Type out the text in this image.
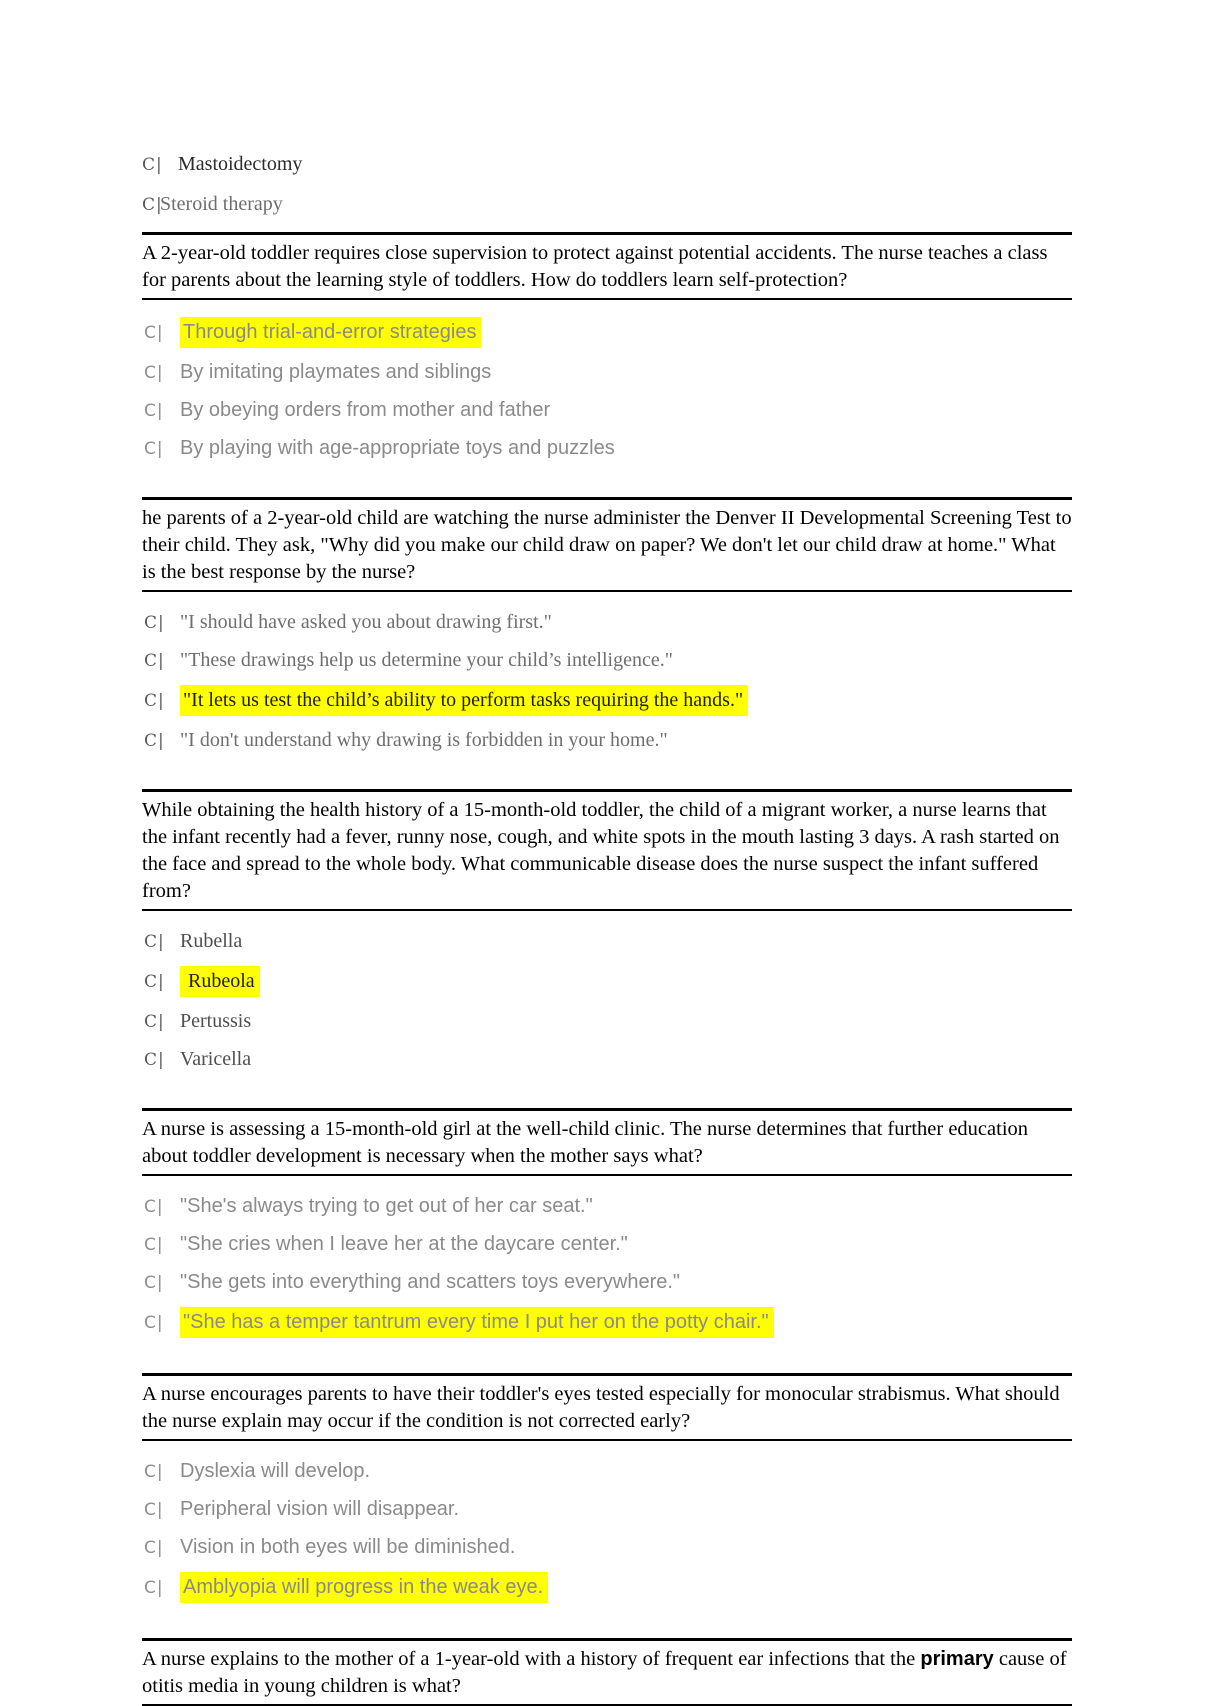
C| Mastoidectomy
C|
Steroid therapy
A 2-year-old toddler requires close supervision to protect against potential accidents. The nurse teaches a class for parents about the learning style of toddlers. How do toddlers learn self-protection?
C| Through trial-and-error strategies
C| By imitating playmates and siblings
C| By obeying orders from mother and father
C| By playing with age-appropriate toys and puzzles
he parents of a 2-year-old child are watching the nurse administer the Denver II Developmental Screening Test to their child. They ask, "Why did you make our child draw on paper? We don't let our child draw at home." What is the best response by the nurse?
C| "I should have asked you about drawing first."
C| "These drawings help us determine your child’s intelligence."
C| "It lets us test the child’s ability to perform tasks requiring the hands."
C| "I don't understand why drawing is forbidden in your home."
While obtaining the health history of a 15-month-old toddler, the child of a migrant worker, a nurse learns that the infant recently had a fever, runny nose, cough, and white spots in the mouth lasting 3 days. A rash started on the face and spread to the whole body. What communicable disease does the nurse suspect the infant suffered from?
C| Rubella
C| Rubeola
C| Pertussis
C| Varicella
A nurse is assessing a 15-month-old girl at the well-child clinic. The nurse determines that further education about toddler development is necessary when the mother says what?
C| "She's always trying to get out of her car seat."
C| "She cries when I leave her at the daycare center."
C| "She gets into everything and scatters toys everywhere."
C| "She has a temper tantrum every time I put her on the potty chair."
A nurse encourages parents to have their toddler's eyes tested especially for monocular strabismus. What should the nurse explain may occur if the condition is not corrected early?
C| Dyslexia will develop.
C| Peripheral vision will disappear.
C| Vision in both eyes will be diminished.
C| Amblyopia will progress in the weak eye.
A nurse explains to the mother of a 1-year-old with a history of frequent ear infections that the primary cause of otitis media in young children is what?
